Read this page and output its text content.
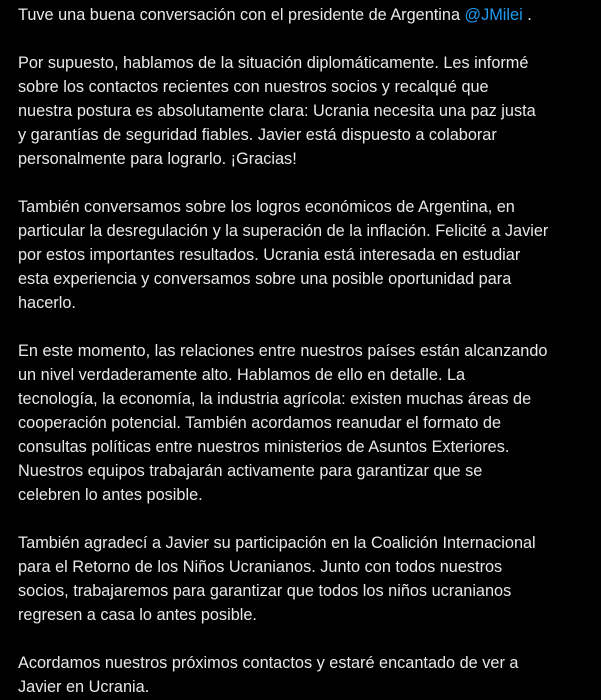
Tuve una buena conversación con el presidente de Argentina @JMilei .

Por supuesto, hablamos de la situación diplomáticamente. Les informé
sobre los contactos recientes con nuestros socios y recalqué que
nuestra postura es absolutamente clara: Ucrania necesita una paz justa
y garantías de seguridad fiables. Javier está dispuesto a colaborar
personalmente para lograrlo. ¡Gracias!

También conversamos sobre los logros económicos de Argentina, en
particular la desregulación y la superación de la inflación. Felicité a Javier
por estos importantes resultados. Ucrania está interesada en estudiar
esta experiencia y conversamos sobre una posible oportunidad para
hacerlo.

En este momento, las relaciones entre nuestros países están alcanzando
un nivel verdaderamente alto. Hablamos de ello en detalle. La
tecnología, la economía, la industria agrícola: existen muchas áreas de
cooperación potencial. También acordamos reanudar el formato de
consultas políticas entre nuestros ministerios de Asuntos Exteriores.
Nuestros equipos trabajarán activamente para garantizar que se
celebren lo antes posible.

También agradecí a Javier su participación en la Coalición Internacional
para el Retorno de los Niños Ucranianos. Junto con todos nuestros
socios, trabajaremos para garantizar que todos los niños ucranianos
regresen a casa lo antes posible.

Acordamos nuestros próximos contactos y estaré encantado de ver a
Javier en Ucrania.
